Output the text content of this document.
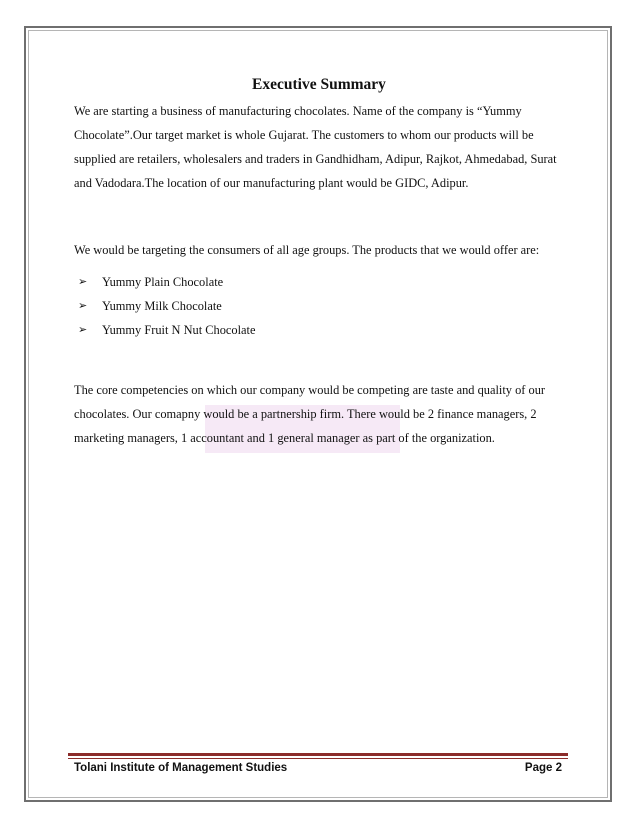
Executive Summary

We are starting a business of manufacturing chocolates. Name of the company is “Yummy Chocolate”.Our target market is whole Gujarat. The customers to whom our products will be supplied are retailers, wholesalers and traders in Gandhidham, Adipur, Rajkot, Ahmedabad, Surat and Vadodara.The location of our manufacturing plant would be GIDC, Adipur.

We would be targeting the consumers of all age groups. The products that we would offer are:

➢	Yummy Plain Chocolate
➢	Yummy Milk Chocolate
➢	Yummy Fruit N Nut Chocolate

The core competencies on which our company would be competing are taste and quality of our chocolates. Our comapny would be a partnership firm. There would be 2 finance managers, 2 marketing managers, 1 accountant and 1 general manager as part of the organization.

Tolani Institute of Management Studies	Page 2
